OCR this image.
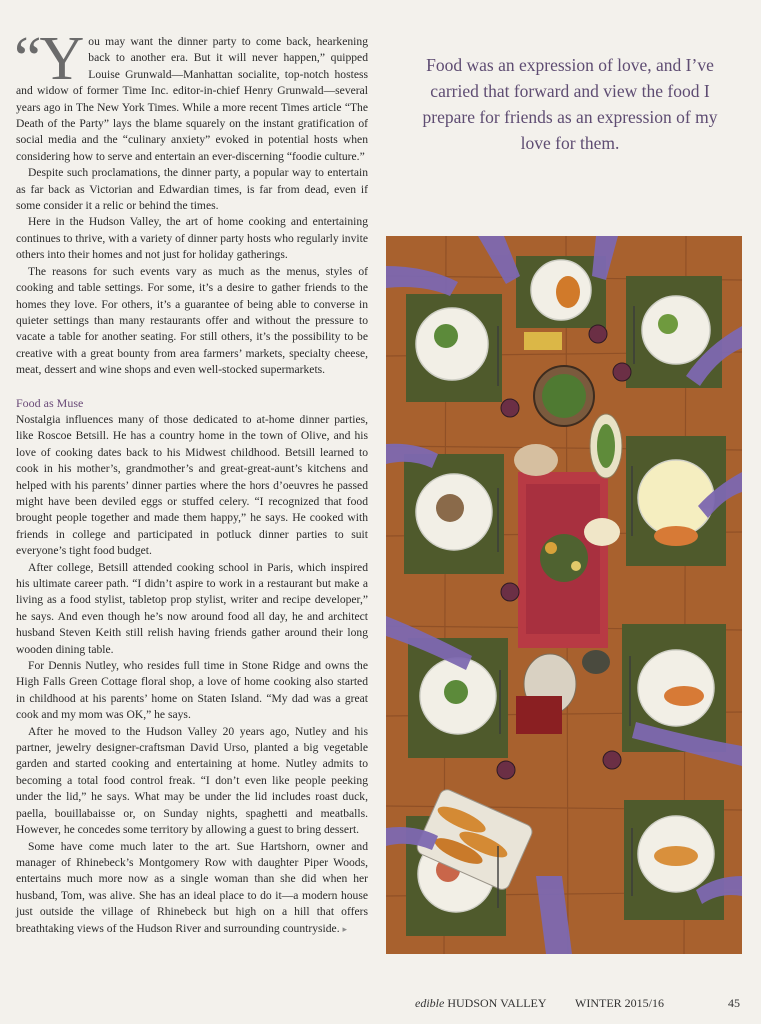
“You may want the dinner party to come back, hearkening back to another era. But it will never happen,” quipped Louise Grunwald—Manhattan socialite, top-notch hostess and widow of former Time Inc. editor-in-chief Henry Grunwald—several years ago in The New York Times. While a more recent Times article “The Death of the Party” lays the blame squarely on the instant gratification of social media and the “culinary anxiety” evoked in potential hosts when considering how to serve and entertain an ever-discerning “foodie culture.”

Despite such proclamations, the dinner party, a popular way to entertain as far back as Victorian and Edwardian times, is far from dead, even if some consider it a relic or behind the times.

Here in the Hudson Valley, the art of home cooking and entertaining continues to thrive, with a variety of dinner party hosts who regularly invite others into their homes and not just for holiday gatherings.

The reasons for such events vary as much as the menus, styles of cooking and table settings. For some, it’s a desire to gather friends to the homes they love. For others, it’s a guarantee of being able to converse in quieter settings than many restaurants offer and without the pressure to vacate a table for another seating. For still others, it’s the possibility to be creative with a great bounty from area farmers’ markets, specialty cheese, meat, dessert and wine shops and even well-stocked supermarkets.

Food as Muse

Nostalgia influences many of those dedicated to at-home dinner parties, like Roscoe Betsill. He has a country home in the town of Olive, and his love of cooking dates back to his Midwest childhood. Betsill learned to cook in his mother’s, grandmother’s and great-great-aunt’s kitchens and helped with his parents’ dinner parties where the hors d’oeuvres he passed might have been deviled eggs or stuffed celery. “I recognized that food brought people together and made them happy,” he says. He cooked with friends in college and participated in potluck dinner parties to suit everyone’s tight food budget.

After college, Betsill attended cooking school in Paris, which inspired his ultimate career path. “I didn’t aspire to work in a restaurant but make a living as a food stylist, tabletop prop stylist, writer and recipe developer,” he says. And even though he’s now around food all day, he and architect husband Steven Keith still relish having friends gather around their long wooden dining table.

For Dennis Nutley, who resides full time in Stone Ridge and owns the High Falls Green Cottage floral shop, a love of home cooking also started in childhood at his parents’ home on Staten Island. “My dad was a great cook and my mom was OK,” he says.

After he moved to the Hudson Valley 20 years ago, Nutley and his partner, jewelry designer-craftsman David Urso, planted a big vegetable garden and started cooking and entertaining at home. Nutley admits to becoming a total food control freak. “I don’t even like people peeking under the lid,” he says. What may be under the lid includes roast duck, paella, bouillabaisse or, on Sunday nights, spaghetti and meatballs. However, he concedes some territory by allowing a guest to bring dessert.

Some have come much later to the art. Sue Hartshorn, owner and manager of Rhinebeck’s Montgomery Row with daughter Piper Woods, entertains much more now as a single woman than she did when her husband, Tom, was alive. She has an ideal place to do it—a modern house just outside the village of Rhinebeck but high on a hill that offers breathtaking views of the Hudson River and surrounding countryside. ▸

Food was an expression of love, and I’ve carried that forward and view the food I prepare for friends as an expression of my love for them.
edible HUDSON VALLEY WINTER 2015/16	45
